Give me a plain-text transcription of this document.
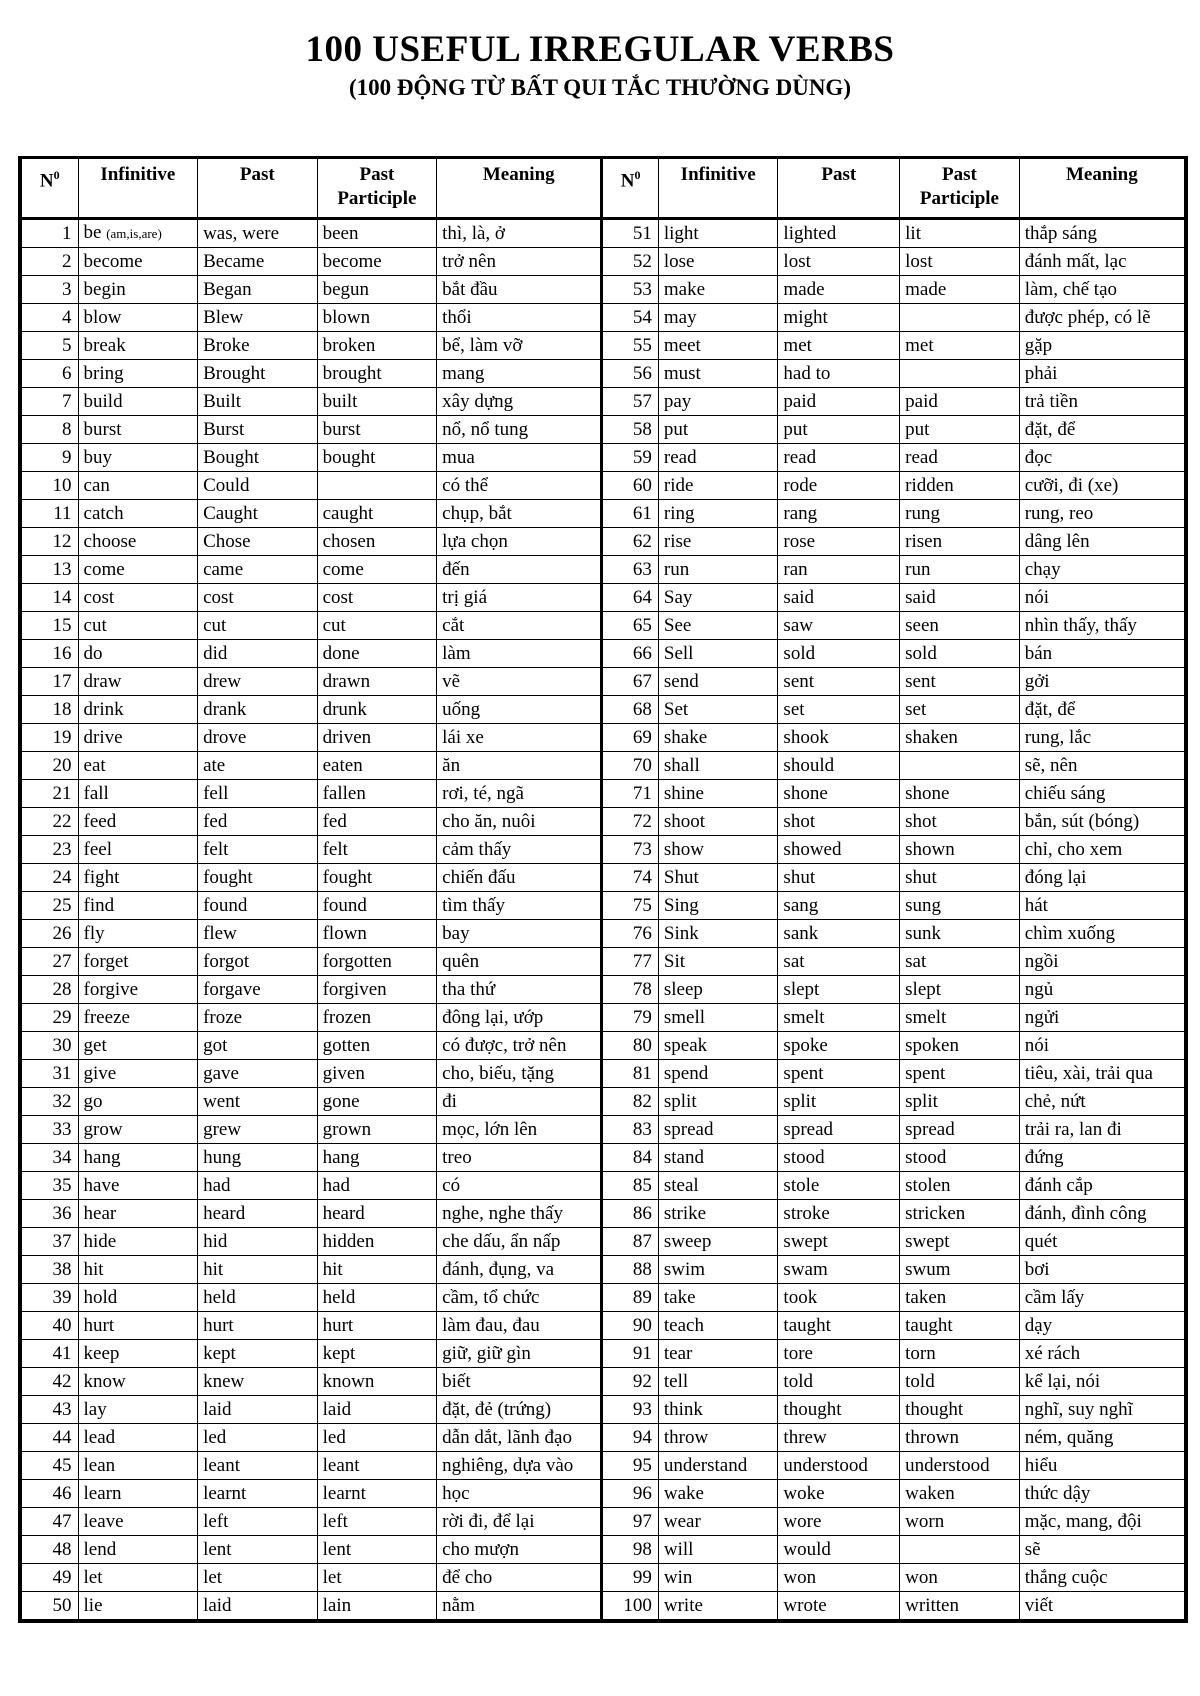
100 USEFUL IRREGULAR VERBS
(100 ĐỘNG TỪ BẤT QUI TẮC THƯỜNG DÙNG)
$N^0$	Infinitive	Past	Past Participle	Meaning	$N^0$	Infinitive	Past	Past Participle	Meaning
1	be (am,is,are)	was, were	been	thì, là, ở	51	light	lighted	lit	thắp sáng
2	become	Became	become	trở nên	52	lose	lost	lost	đánh mất, lạc
3	begin	Began	begun	bắt đầu	53	make	made	made	làm, chế tạo
4	blow	Blew	blown	thổi	54	may	might		được phép, có lẽ
5	break	Broke	broken	bể, làm vỡ	55	meet	met	met	gặp
6	bring	Brought	brought	mang	56	must	had to		phải
7	build	Built	built	xây dựng	57	pay	paid	paid	trả tiền
8	burst	Burst	burst	nổ, nổ tung	58	put	put	put	đặt, để
9	buy	Bought	bought	mua	59	read	read	read	đọc
10	can	Could		có thể	60	ride	rode	ridden	cưỡi, đi (xe)
11	catch	Caught	caught	chụp, bắt	61	ring	rang	rung	rung, reo
12	choose	Chose	chosen	lựa chọn	62	rise	rose	risen	dâng lên
13	come	came	come	đến	63	run	ran	run	chạy
14	cost	cost	cost	trị giá	64	Say	said	said	nói
15	cut	cut	cut	cắt	65	See	saw	seen	nhìn thấy, thấy
16	do	did	done	làm	66	Sell	sold	sold	bán
17	draw	drew	drawn	vẽ	67	send	sent	sent	gởi
18	drink	drank	drunk	uống	68	Set	set	set	đặt, để
19	drive	drove	driven	lái xe	69	shake	shook	shaken	rung, lắc
20	eat	ate	eaten	ăn	70	shall	should		sẽ, nên
21	fall	fell	fallen	rơi, té, ngã	71	shine	shone	shone	chiếu sáng
22	feed	fed	fed	cho ăn, nuôi	72	shoot	shot	shot	bắn, sút (bóng)
23	feel	felt	felt	cảm thấy	73	show	showed	shown	chỉ, cho xem
24	fight	fought	fought	chiến đấu	74	Shut	shut	shut	đóng lại
25	find	found	found	tìm thấy	75	Sing	sang	sung	hát
26	fly	flew	flown	bay	76	Sink	sank	sunk	chìm xuống
27	forget	forgot	forgotten	quên	77	Sit	sat	sat	ngồi
28	forgive	forgave	forgiven	tha thứ	78	sleep	slept	slept	ngủ
29	freeze	froze	frozen	đông lại, ướp	79	smell	smelt	smelt	ngửi
30	get	got	gotten	có được, trở nên	80	speak	spoke	spoken	nói
31	give	gave	given	cho, biếu, tặng	81	spend	spent	spent	tiêu, xài, trải qua
32	go	went	gone	đi	82	split	split	split	chẻ, nứt
33	grow	grew	grown	mọc, lớn lên	83	spread	spread	spread	trải ra, lan đi
34	hang	hung	hang	treo	84	stand	stood	stood	đứng
35	have	had	had	có	85	steal	stole	stolen	đánh cắp
36	hear	heard	heard	nghe, nghe thấy	86	strike	stroke	stricken	đánh, đình công
37	hide	hid	hidden	che dấu, ẩn nấp	87	sweep	swept	swept	quét
38	hit	hit	hit	đánh, đụng, va	88	swim	swam	swum	bơi
39	hold	held	held	cầm, tổ chức	89	take	took	taken	cầm lấy
40	hurt	hurt	hurt	làm đau, đau	90	teach	taught	taught	dạy
41	keep	kept	kept	giữ, giữ gìn	91	tear	tore	torn	xé rách
42	know	knew	known	biết	92	tell	told	told	kể lại, nói
43	lay	laid	laid	đặt, đẻ (trứng)	93	think	thought	thought	nghĩ, suy nghĩ
44	lead	led	led	dẫn dắt, lãnh đạo	94	throw	threw	thrown	ném, quăng
45	lean	leant	leant	nghiêng, dựa vào	95	understand	understood	understood	hiểu
46	learn	learnt	learnt	học	96	wake	woke	waken	thức dậy
47	leave	left	left	rời đi, để lại	97	wear	wore	worn	mặc, mang, đội
48	lend	lent	lent	cho mượn	98	will	would		sẽ
49	let	let	let	để cho	99	win	won	won	thắng cuộc
50	lie	laid	lain	nằm	100	write	wrote	written	viết
